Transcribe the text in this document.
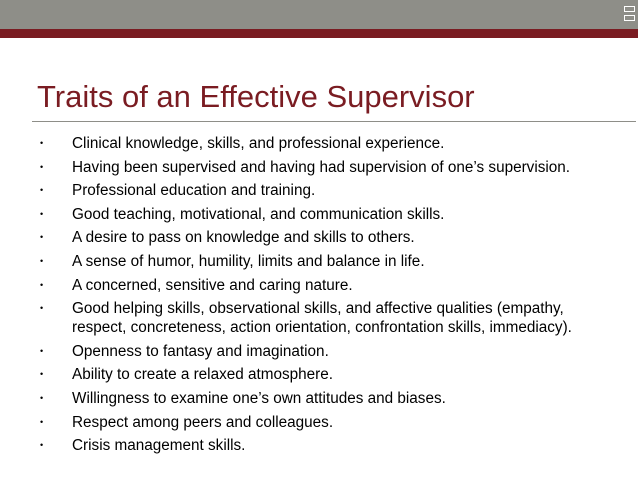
Traits of an Effective Supervisor
• Clinical knowledge, skills, and professional experience.
• Having been supervised and having had supervision of one’s supervision.
• Professional education and training.
• Good teaching, motivational, and communication skills.
• A desire to pass on knowledge and skills to others.
• A sense of humor, humility, limits and balance in life.
• A concerned, sensitive and caring nature.
• Good helping skills, observational skills, and affective qualities (empathy, respect, concreteness, action orientation, confrontation skills, immediacy).
• Openness to fantasy and imagination.
• Ability to create a relaxed atmosphere.
• Willingness to examine one’s own attitudes and biases.
• Respect among peers and colleagues.
• Crisis management skills.
